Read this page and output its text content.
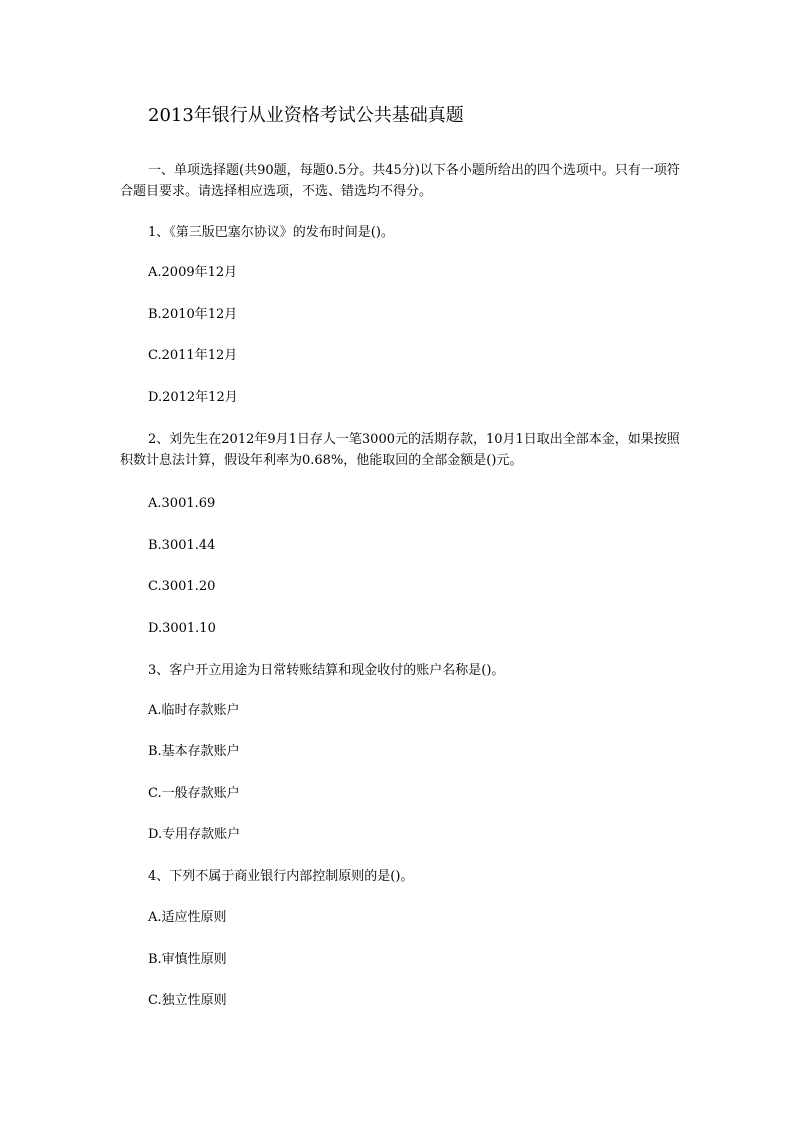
2013年银行从业资格考试公共基础真题
一、单项选择题(共90题，每题0.5分。共45分)以下各小题所给出的四个选项中。只有一项符合题目要求。请选择相应选项，不选、错选均不得分。
1、《第三版巴塞尔协议》的发布时间是()。
A.2009年12月
B.2010年12月
C.2011年12月
D.2012年12月
2、刘先生在2012年9月1日存人一笔3000元的活期存款，10月1日取出全部本金，如果按照积数计息法计算，假设年利率为0.68%，他能取回的全部金额是()元。
A.3001.69
B.3001.44
C.3001.20
D.3001.10
3、客户开立用途为日常转账结算和现金收付的账户名称是()。
A.临时存款账户
B.基本存款账户
C.一般存款账户
D.专用存款账户
4、下列不属于商业银行内部控制原则的是()。
A.适应性原则
B.审慎性原则
C.独立性原则
